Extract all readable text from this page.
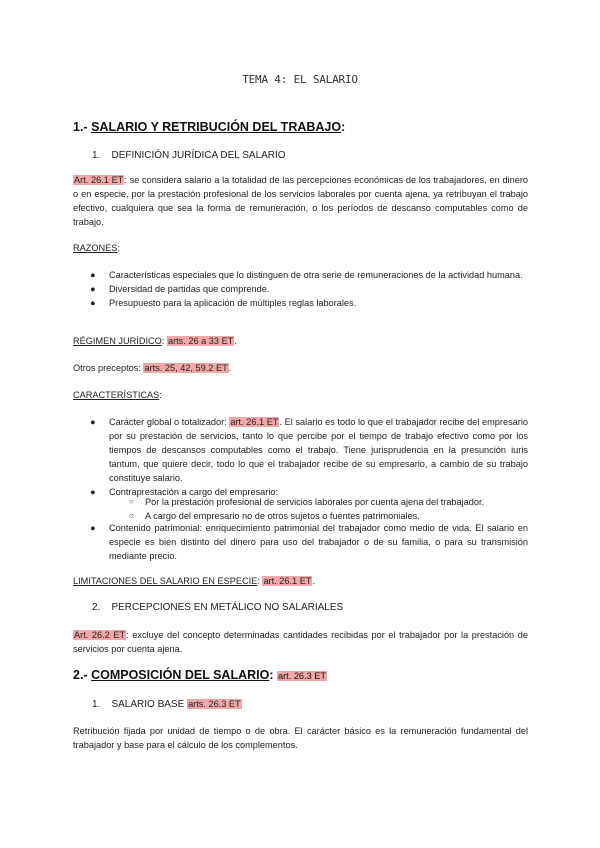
TEMA 4: EL SALARIO
1.- SALARIO Y RETRIBUCIÓN DEL TRABAJO:
1. DEFINICIÓN JURÍDICA DEL SALARIO
Art. 26.1 ET: se considera salario a la totalidad de las percepciones económicas de los trabajadores, en dinero o en especie, por la prestación profesional de los servicios laborales por cuenta ajena, ya retribuyan el trabajo efectivo, cualquiera que sea la forma de remuneración, o los períodos de descanso computables como de trabajo.
RAZONES:
● Características especiales que lo distinguen de otra serie de remuneraciones de la actividad humana.
● Diversidad de partidas que comprende.
● Presupuesto para la aplicación de múltiples reglas laborales.
RÉGIMEN JURÍDICO: arts. 26 a 33 ET.
Otros preceptos: arts. 25, 42, 59.2 ET.
CARACTERÍSTICAS:
● Carácter global o totalizador: art. 26.1 ET. El salario es todo lo que el trabajador recibe del empresario por su prestación de servicios, tanto lo que percibe por el tiempo de trabajo efectivo como por los tiempos de descansos computables como el trabajo. Tiene jurisprudencia en la presunción iuris tantum, que quiere decir, todo lo que el trabajador recibe de su empresario, a cambio de su trabajo constituye salario.
● Contraprestación a cargo del empresario:
○ Por la prestación profesional de servicios laborales por cuenta ajena del trabajador.
○ A cargo del empresario no de otros sujetos o fuentes patrimoniales.
● Contenido patrimonial: enriquecimiento patrimonial del trabajador como medio de vida. El salario en especie es bien distinto del dinero para uso del trabajador o de su familia, o para su transmisión mediante precio.
LIMITACIONES DEL SALARIO EN ESPECIE: art. 26.1 ET.
2. PERCEPCIONES EN METÁLICO NO SALARIALES
Art. 26.2 ET: excluye del concepto determinadas cantidades recibidas por el trabajador por la prestación de servicios por cuenta ajena.
2.- COMPOSICIÓN DEL SALARIO: art. 26.3 ET
1. SALARIO BASE arts. 26.3 ET
Retribución fijada por unidad de tiempo o de obra. El carácter básico es la remuneración fundamental del trabajador y base para el cálculo de los complementos.
